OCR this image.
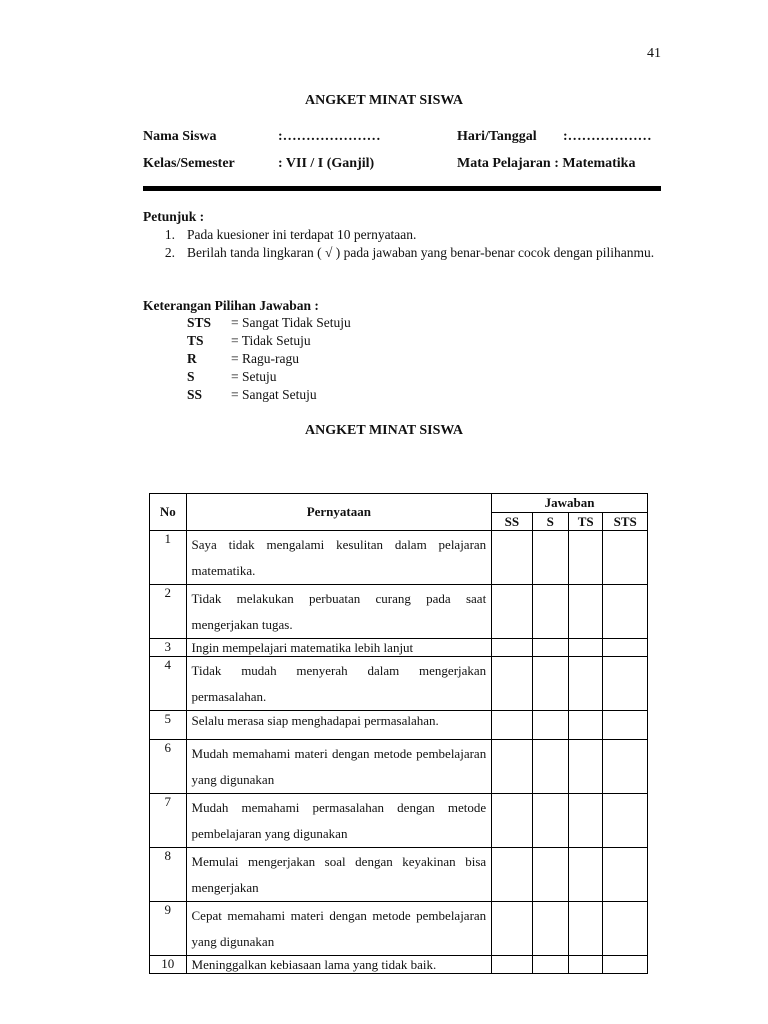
41
ANGKET MINAT SISWA
Nama Siswa	:…………………	Hari/Tanggal :………………
Kelas/Semester	: VII / I (Ganjil)	Mata Pelajaran : Matematika
Petunjuk :
1. Pada kuesioner ini terdapat 10 pernyataan.
2. Berilah tanda lingkaran ( √ ) pada jawaban yang benar-benar cocok dengan pilihanmu.
Keterangan Pilihan Jawaban :
STS = Sangat Tidak Setuju
TS = Tidak Setuju
R	= Ragu-ragu
S	= Setuju
SS = Sangat Setuju
ANGKET MINAT SISWA
No	Pernyataan	Jawaban			
		SS	S	TS	STS
1	Saya tidak mengalami kesulitan dalam pelajaran matematika.				
2	Tidak melakukan perbuatan curang pada saat mengerjakan tugas.				
3	Ingin mempelajari matematika lebih lanjut				
4	Tidak mudah menyerah dalam mengerjakan permasalahan.				
5	Selalu merasa siap menghadapai permasalahan.				
6	Mudah memahami materi dengan metode pembelajaran yang digunakan				
7	Mudah memahami permasalahan dengan metode pembelajaran yang digunakan				
8	Memulai mengerjakan soal dengan keyakinan bisa mengerjakan				
9	Cepat memahami materi dengan metode pembelajaran yang digunakan				
10	Meninggalkan kebiasaan lama yang tidak baik.				
